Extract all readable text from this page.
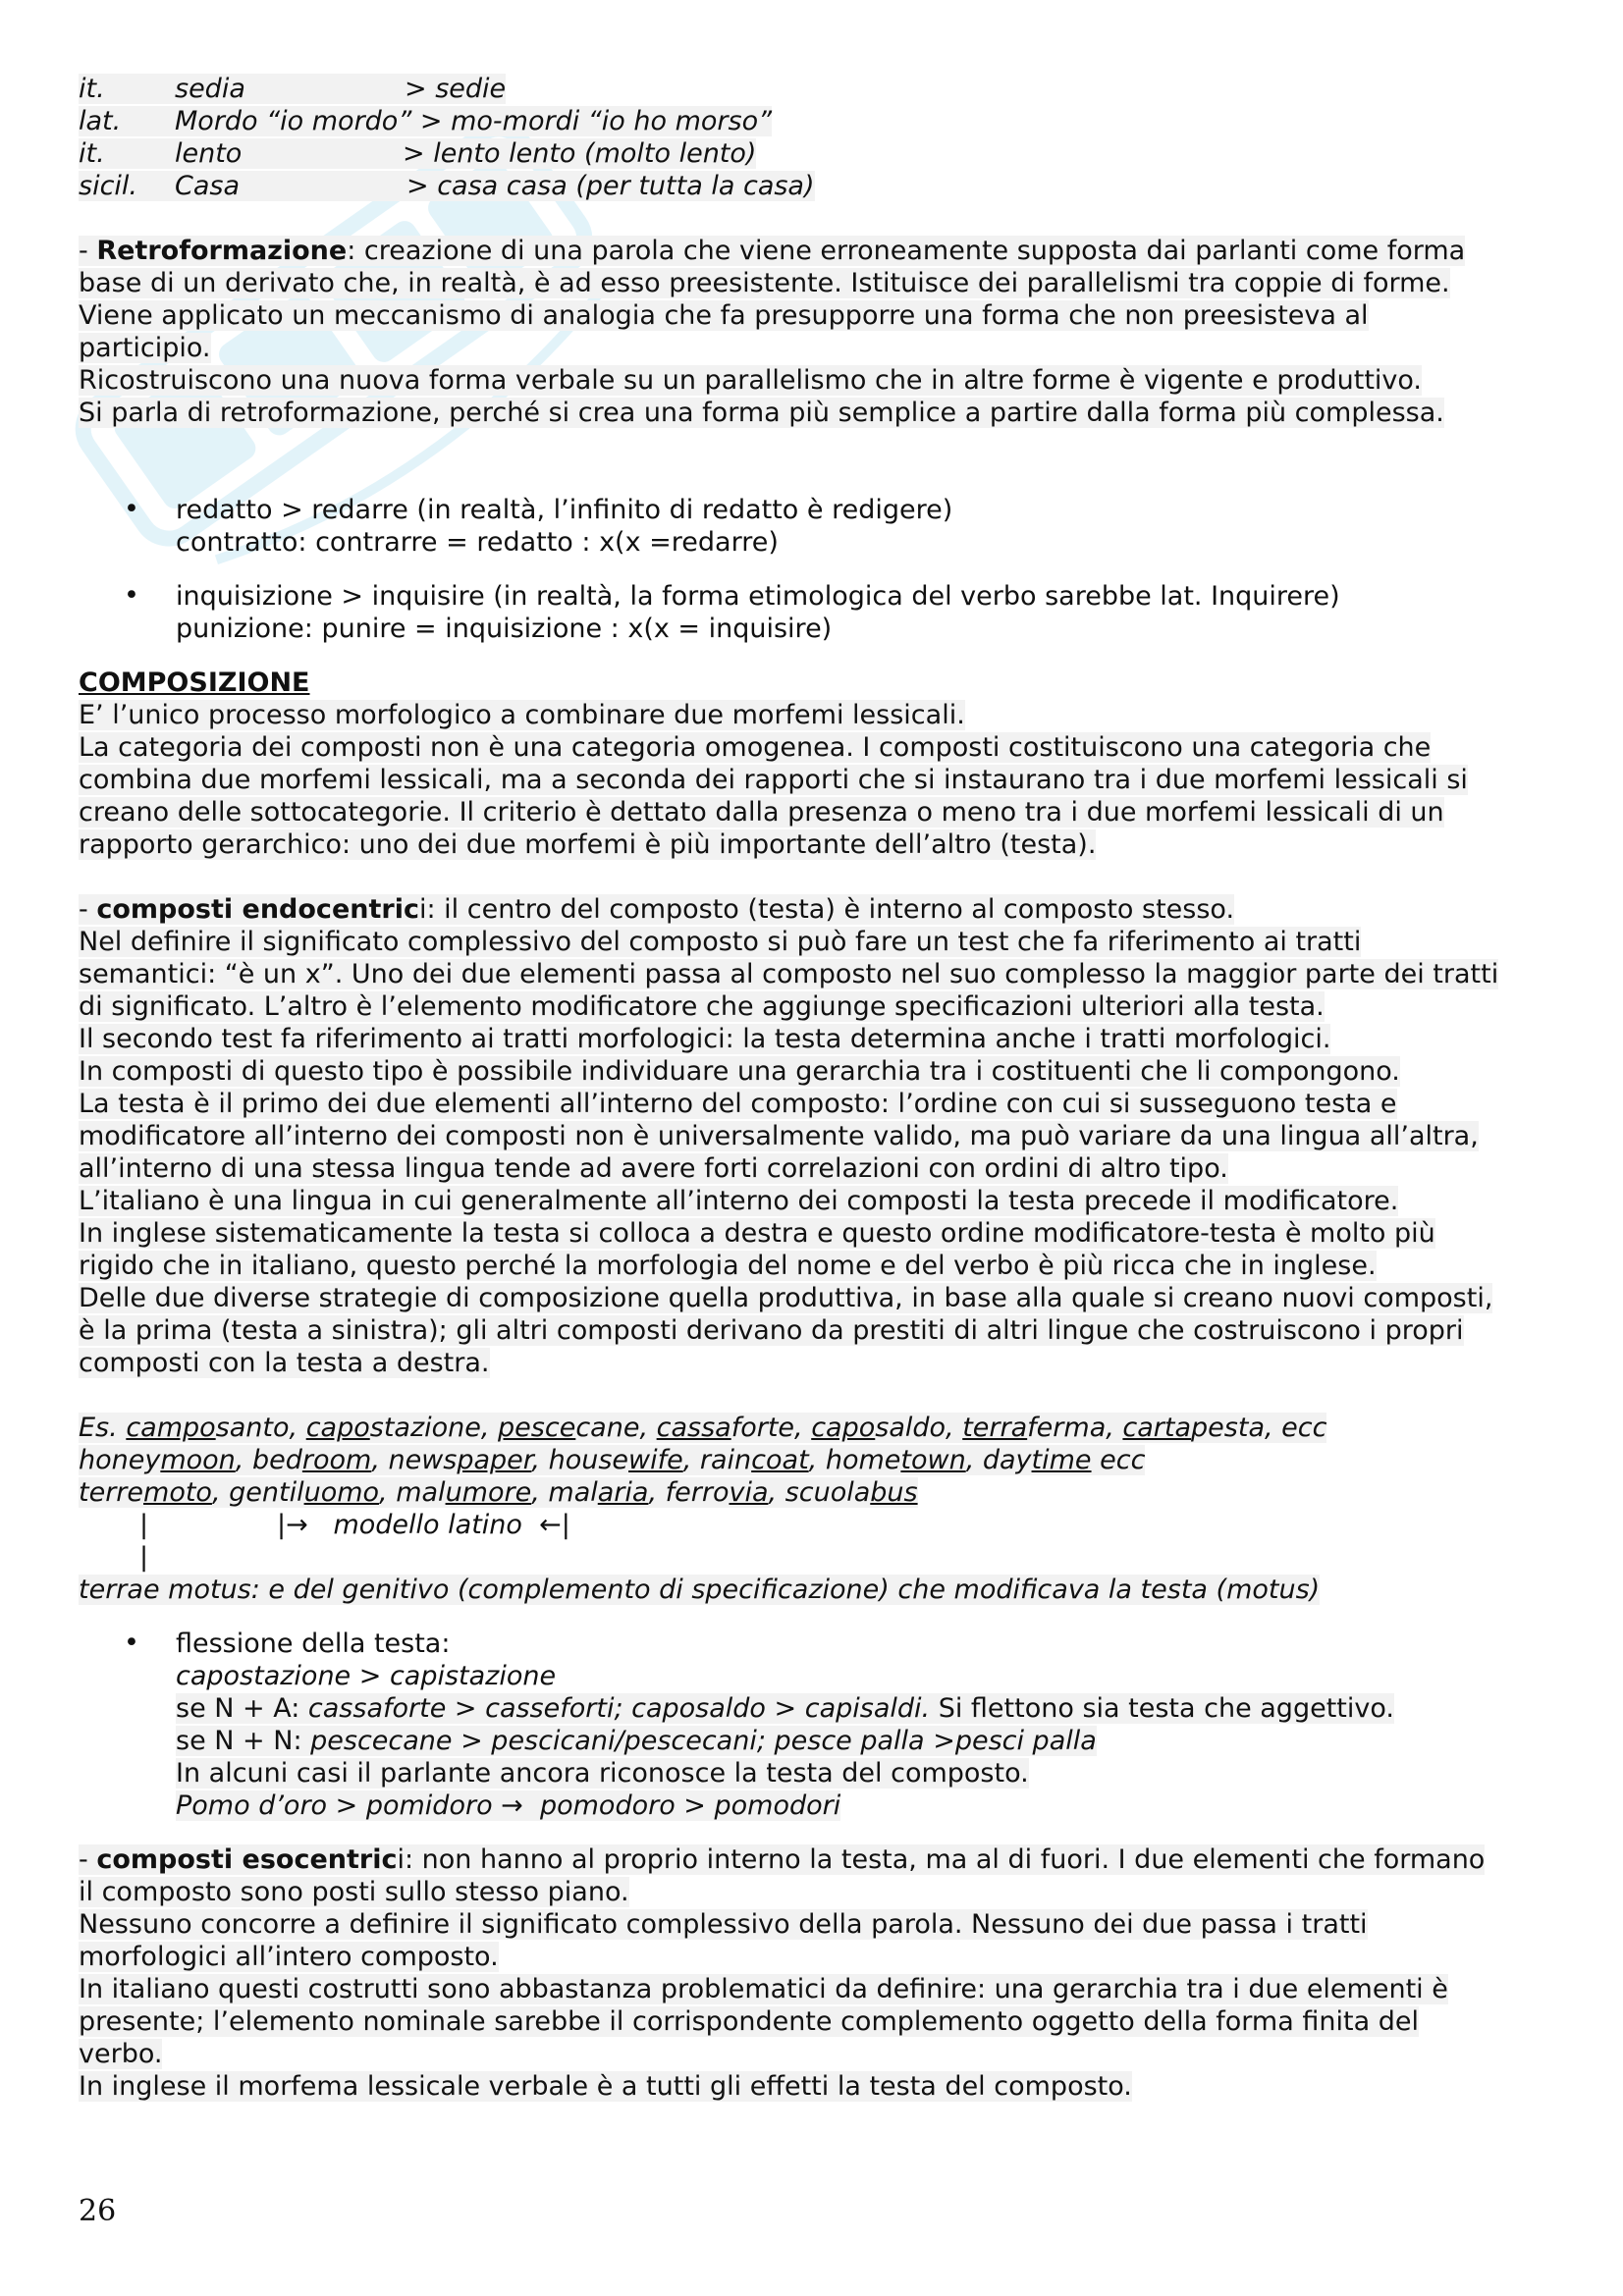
it.	sedia	> sedie
lat. Mordo “io mordo” > mo-mordi “io ho morso”
it.	lento	> lento lento (molto lento)
sicil. Casa	> casa casa (per tutta la casa)
- Retroformazione: creazione di una parola che viene erroneamente supposta dai parlanti come forma
base di un derivato che, in realtà, è ad esso preesistente. Istituisce dei parallelismi tra coppie di forme.
Viene applicato un meccanismo di analogia che fa presupporre una forma che non preesisteva al
participio.
Ricostruiscono una nuova forma verbale su un parallelismo che in altre forme è vigente e produttivo.
Si parla di retroformazione, perché si crea una forma più semplice a partire dalla forma più complessa.
• redatto > redarre (in realtà, l’infinito di redatto è redigere)
contratto: contrarre = redatto : x(x =redarre)
• inquisizione > inquisire (in realtà, la forma etimologica del verbo sarebbe lat. Inquirere)
punizione: punire = inquisizione : x(x = inquisire)
COMPOSIZIONE
E’ l’unico processo morfologico a combinare due morfemi lessicali.
La categoria dei composti non è una categoria omogenea. I composti costituiscono una categoria che
combina due morfemi lessicali, ma a seconda dei rapporti che si instaurano tra i due morfemi lessicali si
creano delle sottocategorie. Il criterio è dettato dalla presenza o meno tra i due morfemi lessicali di un
rapporto gerarchico: uno dei due morfemi è più importante dell’altro (testa).
- composti endocentrici: il centro del composto (testa) è interno al composto stesso.
Nel definire il significato complessivo del composto si può fare un test che fa riferimento ai tratti
semantici: “è un x”. Uno dei due elementi passa al composto nel suo complesso la maggior parte dei tratti
di significato. L’altro è l’elemento modificatore che aggiunge specificazioni ulteriori alla testa.
Il secondo test fa riferimento ai tratti morfologici: la testa determina anche i tratti morfologici.
In composti di questo tipo è possibile individuare una gerarchia tra i costituenti che li compongono.
La testa è il primo dei due elementi all’interno del composto: l’ordine con cui si susseguono testa e
modificatore all’interno dei composti non è universalmente valido, ma può variare da una lingua all’altra,
all’interno di una stessa lingua tende ad avere forti correlazioni con ordini di altro tipo.
L’italiano è una lingua in cui generalmente all’interno dei composti la testa precede il modificatore.
In inglese sistematicamente la testa si colloca a destra e questo ordine modificatore-testa è molto più
rigido che in italiano, questo perché la morfologia del nome e del verbo è più ricca che in inglese.
Delle due diverse strategie di composizione quella produttiva, in base alla quale si creano nuovi composti,
è la prima (testa a sinistra); gli altri composti derivano da prestiti di altri lingue che costruiscono i propri
composti con la testa a destra.
Es. camposanto, capostazione, pescecane, cassaforte, caposaldo, terraferma, cartapesta, ecc
honeymoon, bedroom, newspaper, housewife, raincoat, hometown, daytime ecc
terremoto, gentiluomo, malumore, malaria, ferrovia, scuolabus
|	|→   modello latino  ←|
|
terrae motus: e del genitivo (complemento di specificazione) che modificava la testa (motus)
• flessione della testa:
capostazione > capistazione
se N + A: cassaforte > casseforti; caposaldo > capisaldi. Si flettono sia testa che aggettivo.
se N + N: pescecane > pescicani/pescecani; pesce palla >pesci palla
In alcuni casi il parlante ancora riconosce la testa del composto.
Pomo d’oro > pomidoro →  pomodoro > pomodori
- composti esocentrici: non hanno al proprio interno la testa, ma al di fuori. I due elementi che formano
il composto sono posti sullo stesso piano.
Nessuno concorre a definire il significato complessivo della parola. Nessuno dei due passa i tratti
morfologici all’intero composto.
In italiano questi costrutti sono abbastanza problematici da definire: una gerarchia tra i due elementi è
presente; l’elemento nominale sarebbe il corrispondente complemento oggetto della forma finita del
verbo.
In inglese il morfema lessicale verbale è a tutti gli effetti la testa del composto.
26
